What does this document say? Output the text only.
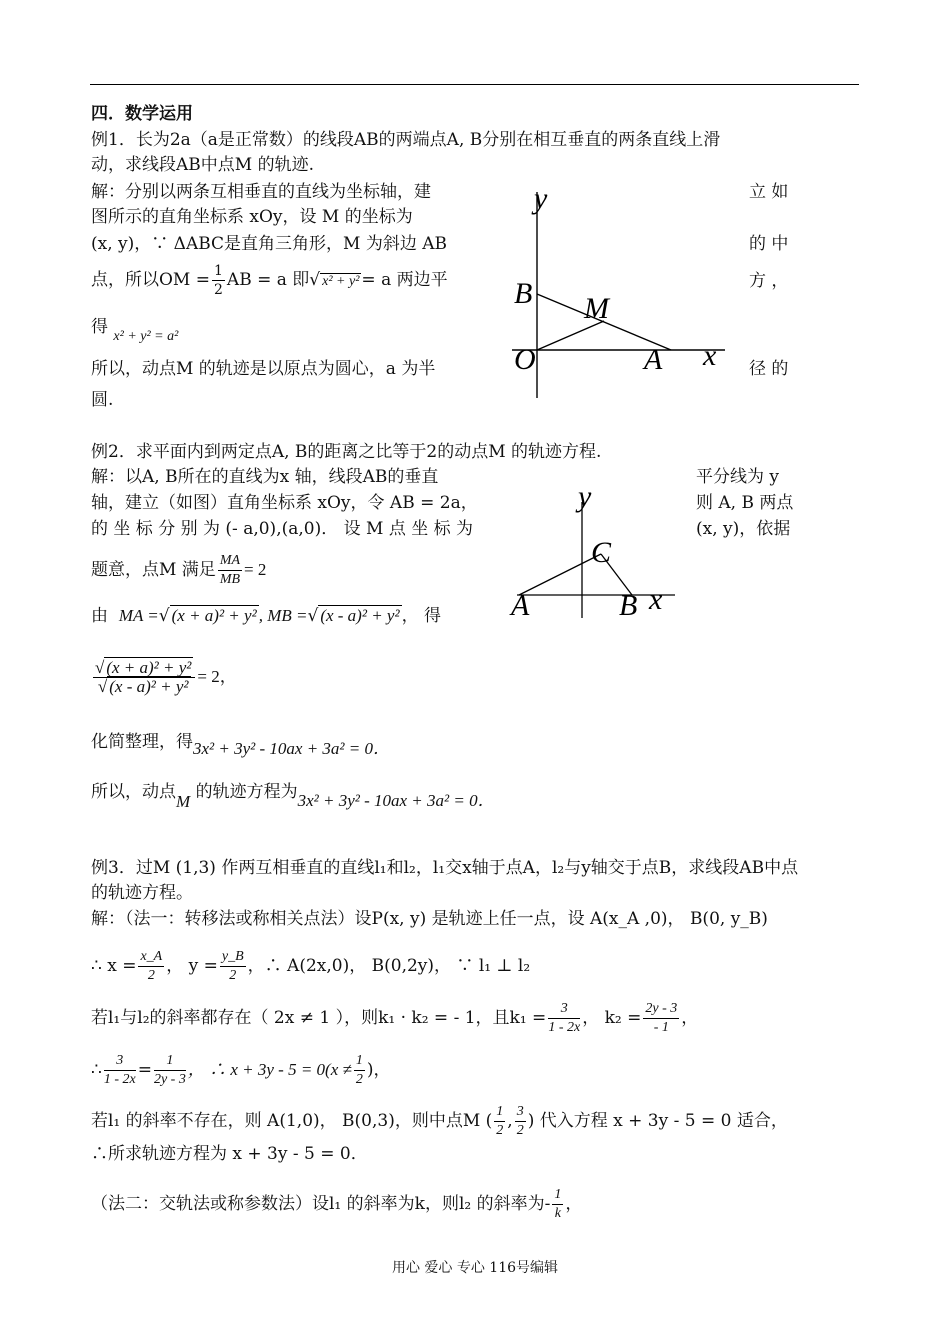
四．数学运用
例1．长为2a（a是正常数）的线段AB的两端点A, B分别在相互垂直的两条直线上滑
动，求线段AB中点M 的轨迹.
解：分别以两条互相垂直的直线为坐标轴，建	立 如
图所示的直角坐标系 xOy，设 M 的坐标为
(x, y)，∵ ΔABC是直角三角形，M 为斜边 AB	的 中
点，所以OM = $\frac{1}{2}$ AB = a 即√ x² + y² = a 两边平	方 ，
得 $_{x^2 + y^2 = a^2}$
所以，动点M 的轨迹是以原点为圆心，a 为半	径 的
圆.
y
B M
O	A x
例2．求平面内到两定点A, B的距离之比等于2的动点M 的轨迹方程.
解：以A, B所在的直线为x 轴，线段AB的垂直	平分线为 y
轴，建立（如图）直角坐标系 xOy，令 AB = 2a，	则 A, B 两点
的 坐 标 分 别 为 (- a,0),(a,0)． 设 M 点 坐 标 为	(x, y)，依据
题意，点M 满足 $\frac{MA}{MB} = 2$
由 MA =√ (x + a)² + y² , MB =√ (x - a)² + y² ， 得
$\frac{\text{√ (x + a)² + y²}}{\text{√ (x - a)² + y²}} = 2$，
化简整理，得3x² + 3y² - 10ax + 3a² = 0．
所以，动点M 的轨迹方程为3x² + 3y² - 10ax + 3a² = 0．
y
C
A	B x
例3．过M (1,3) 作两互相垂直的直线l₁和l₂，l₁交x轴于点A，l₂与y轴交于点B，求线段AB中点
的轨迹方程。
解：（法一：转移法或称相关点法）设P(x, y) 是轨迹上任一点，设 A(x_A ,0)， B(0, y_B)
∴ $x = \frac{x\_A}{2}$ ， $y = \frac{y\_B}{2}$ ，∴ A(2x,0)， B(0,2y)， ∵ l₁ ⊥ l₂
若l₁与l₂的斜率都存在（ 2x ≠ 1 ），则k₁ · k₂ = - 1，且$k_1 = \frac{3}{1 - 2x}$ ， $k_2 = \frac{2y - 3}{- 1}$ ，
∴ $\frac{3}{1 - 2x} = \frac{1}{2y - 3}$ ， ∴ $x + 3y - 5 = 0(x \ne \frac{1}{2}$ )，
若l₁ 的斜率不存在，则 A(1,0)， B(0,3)，则中点M ( $\frac{1}{2}$ , $\frac{3}{2}$ ) 代入方程 x + 3y - 5 = 0 适合，
∴所求轨迹方程为 x + 3y - 5 = 0．
（法二：交轨法或称参数法）设l₁ 的斜率为k，则l₂ 的斜率为- $\frac{1}{k}$ ，
用心 爱心 专心 116号编辑
